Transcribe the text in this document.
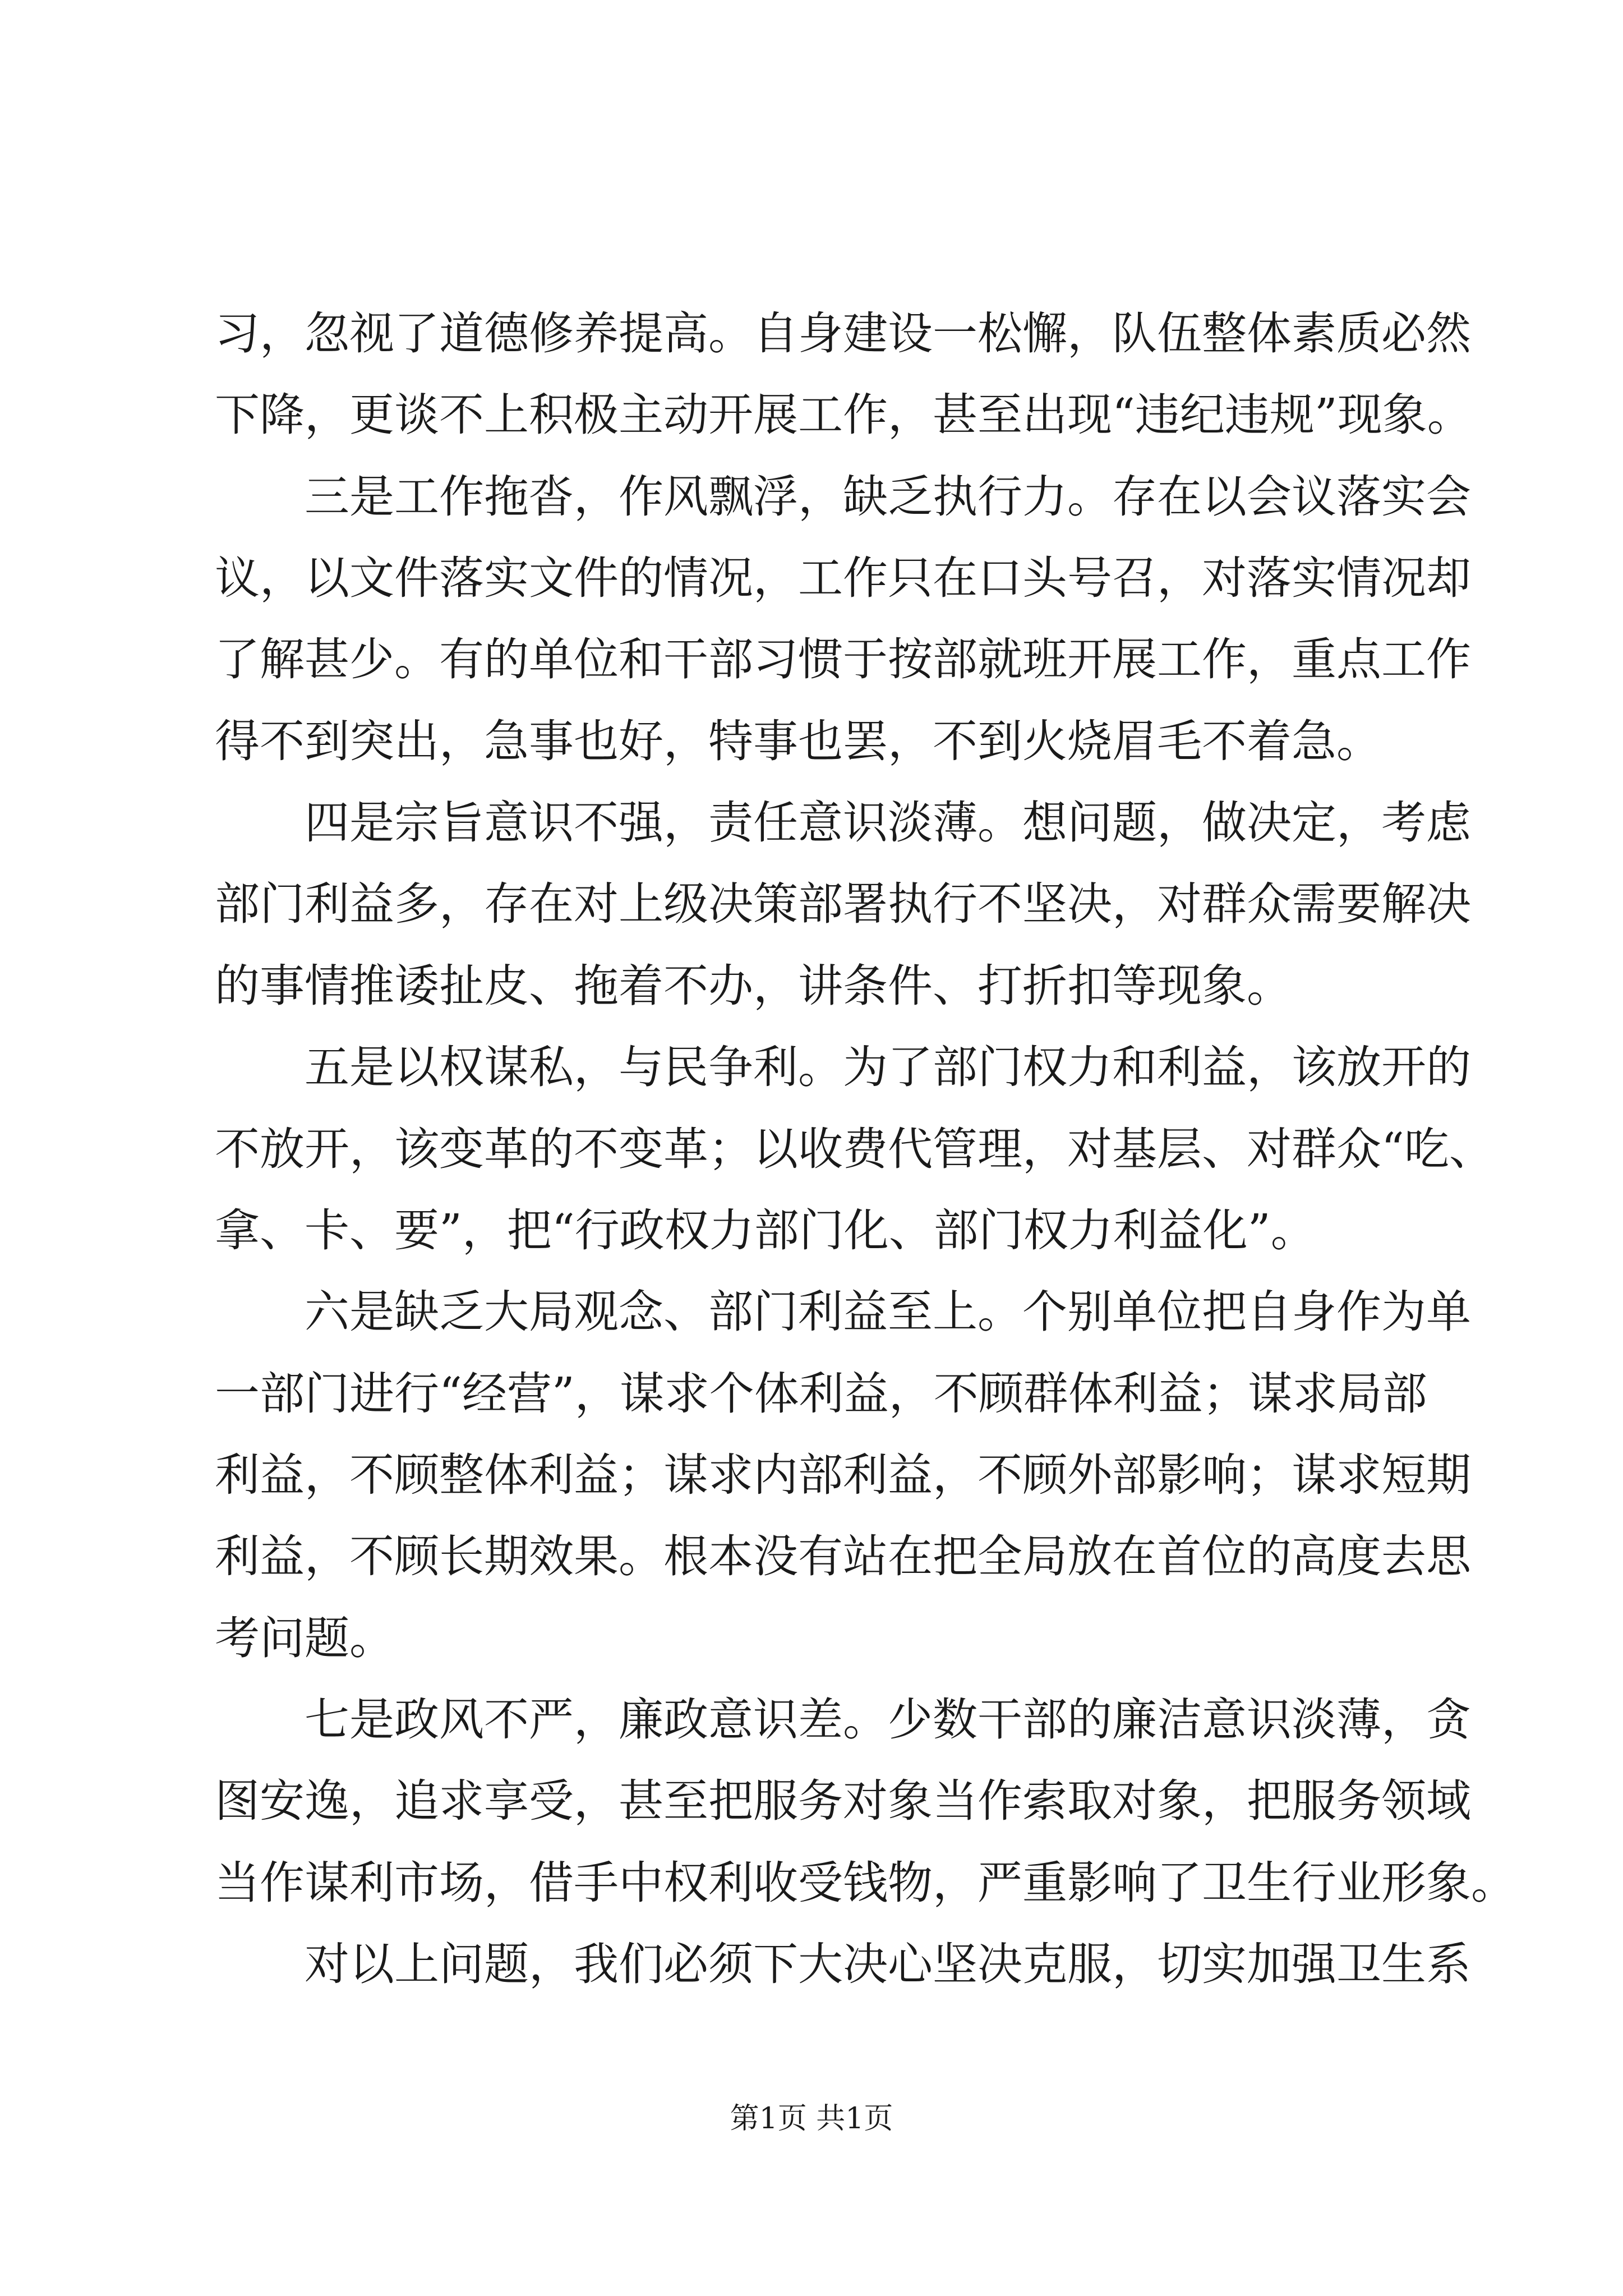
习，忽视了道德修养提高。自身建设一松懈，队伍整体素质必然
下降，更谈不上积极主动开展工作，甚至出现“违纪违规”现象。
三是工作拖沓，作风飘浮，缺乏执行力。存在以会议落实会
议，以文件落实文件的情况，工作只在口头号召，对落实情况却
了解甚少。有的单位和干部习惯于按部就班开展工作，重点工作
得不到突出，急事也好，特事也罢，不到火烧眉毛不着急。
四是宗旨意识不强，责任意识淡薄。想问题，做决定，考虑
部门利益多，存在对上级决策部署执行不坚决，对群众需要解决
的事情推诿扯皮、拖着不办，讲条件、打折扣等现象。
五是以权谋私，与民争利。为了部门权力和利益，该放开的
不放开，该变革的不变革；以收费代管理，对基层、对群众“吃、
拿、卡、要”，把“行政权力部门化、部门权力利益化”。
六是缺乏大局观念、部门利益至上。个别单位把自身作为单
一部门进行“经营”，谋求个体利益，不顾群体利益；谋求局部
利益，不顾整体利益；谋求内部利益，不顾外部影响；谋求短期
利益，不顾长期效果。根本没有站在把全局放在首位的高度去思
考问题。
七是政风不严，廉政意识差。少数干部的廉洁意识淡薄，贪
图安逸，追求享受，甚至把服务对象当作索取对象，把服务领域
当作谋利市场，借手中权利收受钱物，严重影响了卫生行业形象。
对以上问题，我们必须下大决心坚决克服，切实加强卫生系
第1页 共1页
